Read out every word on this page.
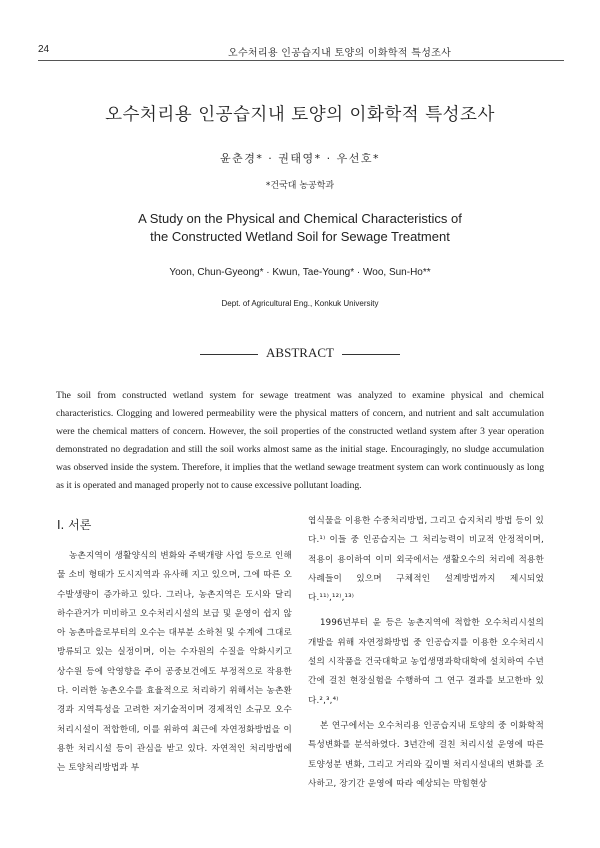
24	오수처리용 인공습지내 토양의 이화학적 특성조사
오수처리용 인공습지내 토양의 이화학적 특성조사
윤춘경* · 권태영* · 우선호*
*건국대 농공학과
A Study on the Physical and Chemical Characteristics of
the Constructed Wetland Soil for Sewage Treatment
Yoon, Chun-Gyeong* · Kwun, Tae-Young* · Woo, Sun-Ho**
Dept. of Agricultural Eng., Konkuk University
ABSTRACT

The soil from constructed wetland system for sewage treatment was analyzed to examine physical and chemical characteristics. Clogging and lowered permeability were the physical matters of concern, and nutrient and salt accumulation were the chemical matters of concern. However, the soil properties of the constructed wetland system after 3 year operation demonstrated no degradation and still the soil works almost same as the initial stage. Encouragingly, no sludge accumulation was observed inside the system. Therefore, it implies that the wetland sewage treatment system can work continuously as long as it is operated and managed properly not to cause excessive pollutant loading.

Ⅰ. 서론

농촌지역이 생활양식의 변화와 주택개량 사업 등으로 인해 물 소비 형태가 도시지역과 유사해 지고 있으며, 그에 따른 오수발생량이 증가하고 있다. 그러나, 농촌지역은 도시와 달리 하수관거가 미비하고 오수처리시설의 보급 및 운영이 쉽지 않아 농촌마을로부터의 오수는 대부분 소하천 및 수계에 그대로 방류되고 있는 실정이며, 이는 수자원의 수질을 악화시키고 상수원 등에 악영향을 주어 공중보건에도 부정적으로 작용한다. 이러한 농촌오수를 효율적으로 처리하기 위해서는 농촌환경과 지역특성을 고려한 저기술적이며 경제적인 소규모 오수처리시설이 적합한데, 이를 위하여 최근에 자연정화방법을 이용한 처리시설 등이 관심을 받고 있다. 자연적인 처리방법에는 토양처리방법과 부

엽식물을 이용한 수중처리방법, 그리고 습지처리 방법 등이 있다.¹⁾ 이들 중 인공습지는 그 처리능력이 비교적 안정적이며, 적용이 용이하여 이미 외국에서는 생활오수의 처리에 적용한 사례들이 있으며 구체적인 설계방법까지 제시되었다.¹¹⁾,¹²⁾,¹³⁾

1996년부터 윤 등은 농촌지역에 적합한 오수처리시설의 개발을 위해 자연정화방법 중 인공습지를 이용한 오수처리시설의 시작품을 건국대학교 농업생명과학대학에 설치하여 수년간에 걸친 현장실험을 수행하여 그 연구 결과를 보고한바 있다.²,³,⁴⁾

본 연구에서는 오수처리용 인공습지내 토양의 중 이화학적 특성변화를 분석하였다. 3년간에 걸친 처리시설 운영에 따른 토양성분 변화, 그리고 거리와 깊이별 처리시설내의 변화를 조사하고, 장기간 운영에 따라 예상되는 막힘현상
